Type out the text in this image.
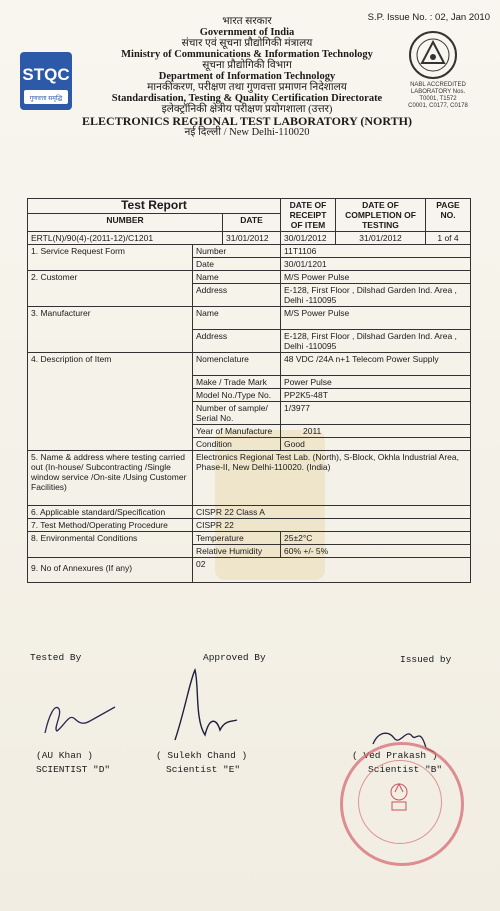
S.P. Issue No. : 02, Jan 2010
STQC
गुणवत्ता समृद्धि
भारत सरकार
Government of India
संचार एवं सूचना प्रौद्योगिकी मंत्रालय
Ministry of Communications & Information Technology
सूचना प्रौद्योगिकी विभाग
Department of Information Technology
मानकीकरण, परीक्षण तथा गुणवत्ता प्रमाणन निदेशालय
Standardisation, Testing & Quality Certification Directorate
इलेक्ट्रॉनिकी क्षेत्रीय परीक्षण प्रयोगशाला (उत्तर)
ELECTRONICS REGIONAL TEST LABORATORY (NORTH)
नई दिल्ली / New Delhi-110020
NABL ACCREDITED
LABORATORY Nos.
T0001, T1572
C0001, C0177, C0178
Test Report			DATE OF RECEIPT OF ITEM	DATE OF COMPLETION OF TESTING	PAGE NO.
NUMBER		DATE			
ERTL(N)/90(4)-(2011-12)/C1201		31/01/2012	30/01/2012	31/01/2012	1 of 4
1. Service Request Form	Number		11T1106		
	Date		30/01/1201		
2. Customer	Name		M/S Power Pulse		
	Address		E-128, First Floor , Dilshad Garden Ind. Area , Delhi -110095		
3. Manufacturer	Name		M/S Power Pulse		
	Address		E-128, First Floor , Dilshad Garden Ind. Area , Delhi -110095		
4. Description of Item	Nomenclature		48 VDC /24A n+1 Telecom Power Supply		
	Make / Trade Mark		Power Pulse		
	Model No./Type No.		PP2K5-48T		
	Number of sample/ Serial No.		1/3977		
	Year of Manufacture		2011		
	Condition		Good		
5. Name & address where testing carried out (In-house/ Subcontracting /Single window service /On-site /Using Customer Facilities)	Electronics Regional Test Lab. (North), S-Block, Okhla Industrial Area, Phase-II, New Delhi-110020. (India)				
6. Applicable standard/Specification	CISPR 22 Class A				
7. Test Method/Operating Procedure	CISPR 22				
8. Environmental Conditions	Temperature		25±2°C		
	Relative Humidity		60% +/- 5%		
9. No of Annexures (If any)	02				
Tested By	Approved By	Issued by
(AU Khan )
SCIENTIST "D"
( Sulekh Chand )
Scientist "E"
( Ved Prakash )
Scientist "B"
